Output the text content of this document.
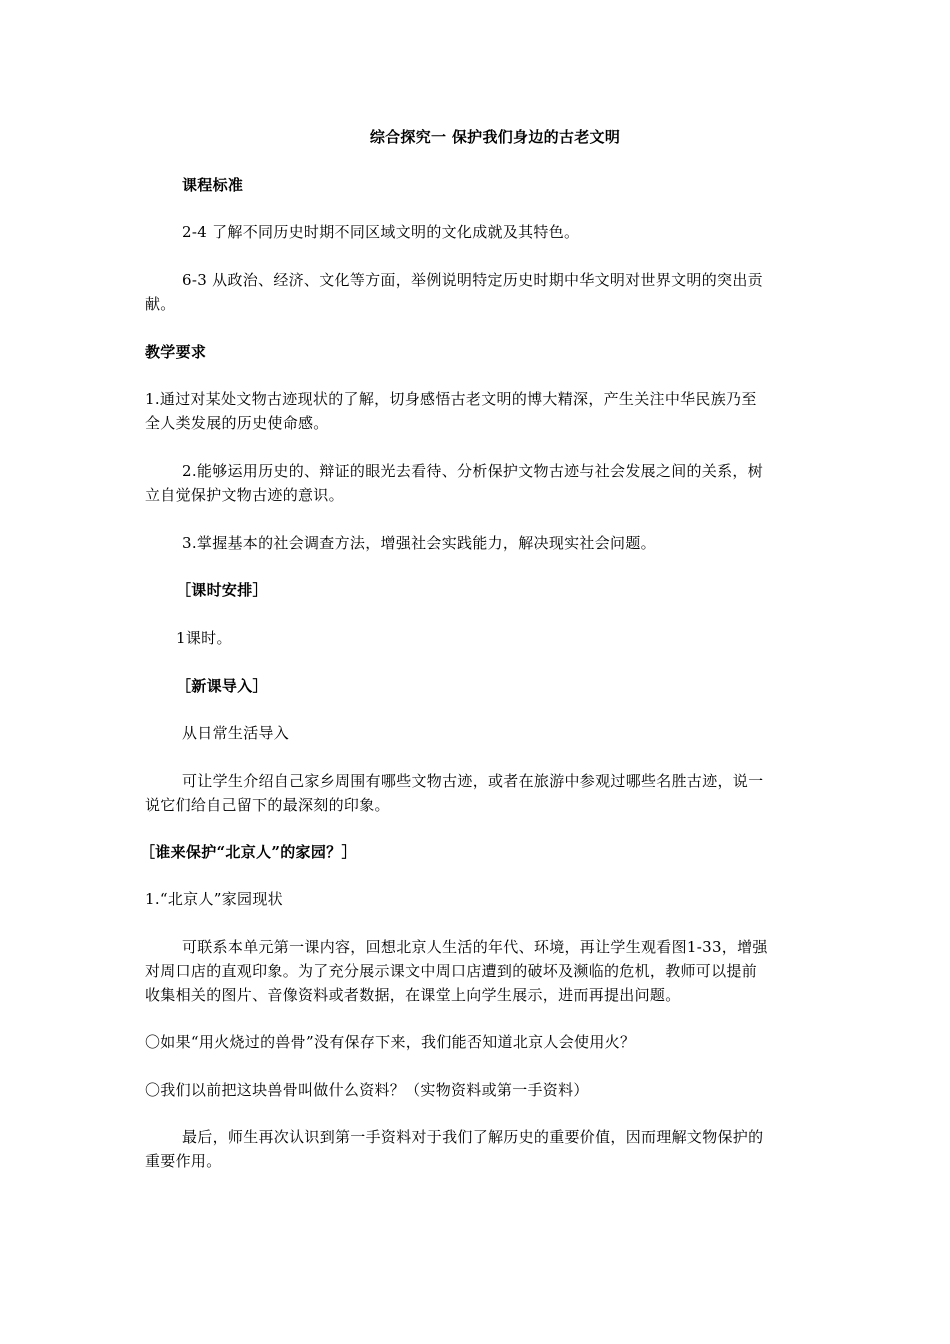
综合探究一 保护我们身边的古老文明
课程标准
2-4 了解不同历史时期不同区域文明的文化成就及其特色。
6-3 从政治、经济、文化等方面，举例说明特定历史时期中华文明对世界文明的突出贡
献。
教学要求
1.通过对某处文物古迹现状的了解，切身感悟古老文明的博大精深，产生关注中华民族乃至
全人类发展的历史使命感。
2.能够运用历史的、辩证的眼光去看待、分析保护文物古迹与社会发展之间的关系，树
立自觉保护文物古迹的意识。
3.掌握基本的社会调查方法，增强社会实践能力，解决现实社会问题。
［课时安排］
1课时。
［新课导入］
从日常生活导入
可让学生介绍自己家乡周围有哪些文物古迹，或者在旅游中参观过哪些名胜古迹，说一
说它们给自己留下的最深刻的印象。
［谁来保护“北京人”的家园？］
1.“北京人”家园现状
可联系本单元第一课内容，回想北京人生活的年代、环境，再让学生观看图1-33，增强
对周口店的直观印象。为了充分展示课文中周口店遭到的破坏及濒临的危机，教师可以提前
收集相关的图片、音像资料或者数据，在课堂上向学生展示，进而再提出问题。
〇如果“用火烧过的兽骨”没有保存下来，我们能否知道北京人会使用火？
〇我们以前把这块兽骨叫做什么资料？（实物资料或第一手资料）
最后，师生再次认识到第一手资料对于我们了解历史的重要价值，因而理解文物保护的
重要作用。
